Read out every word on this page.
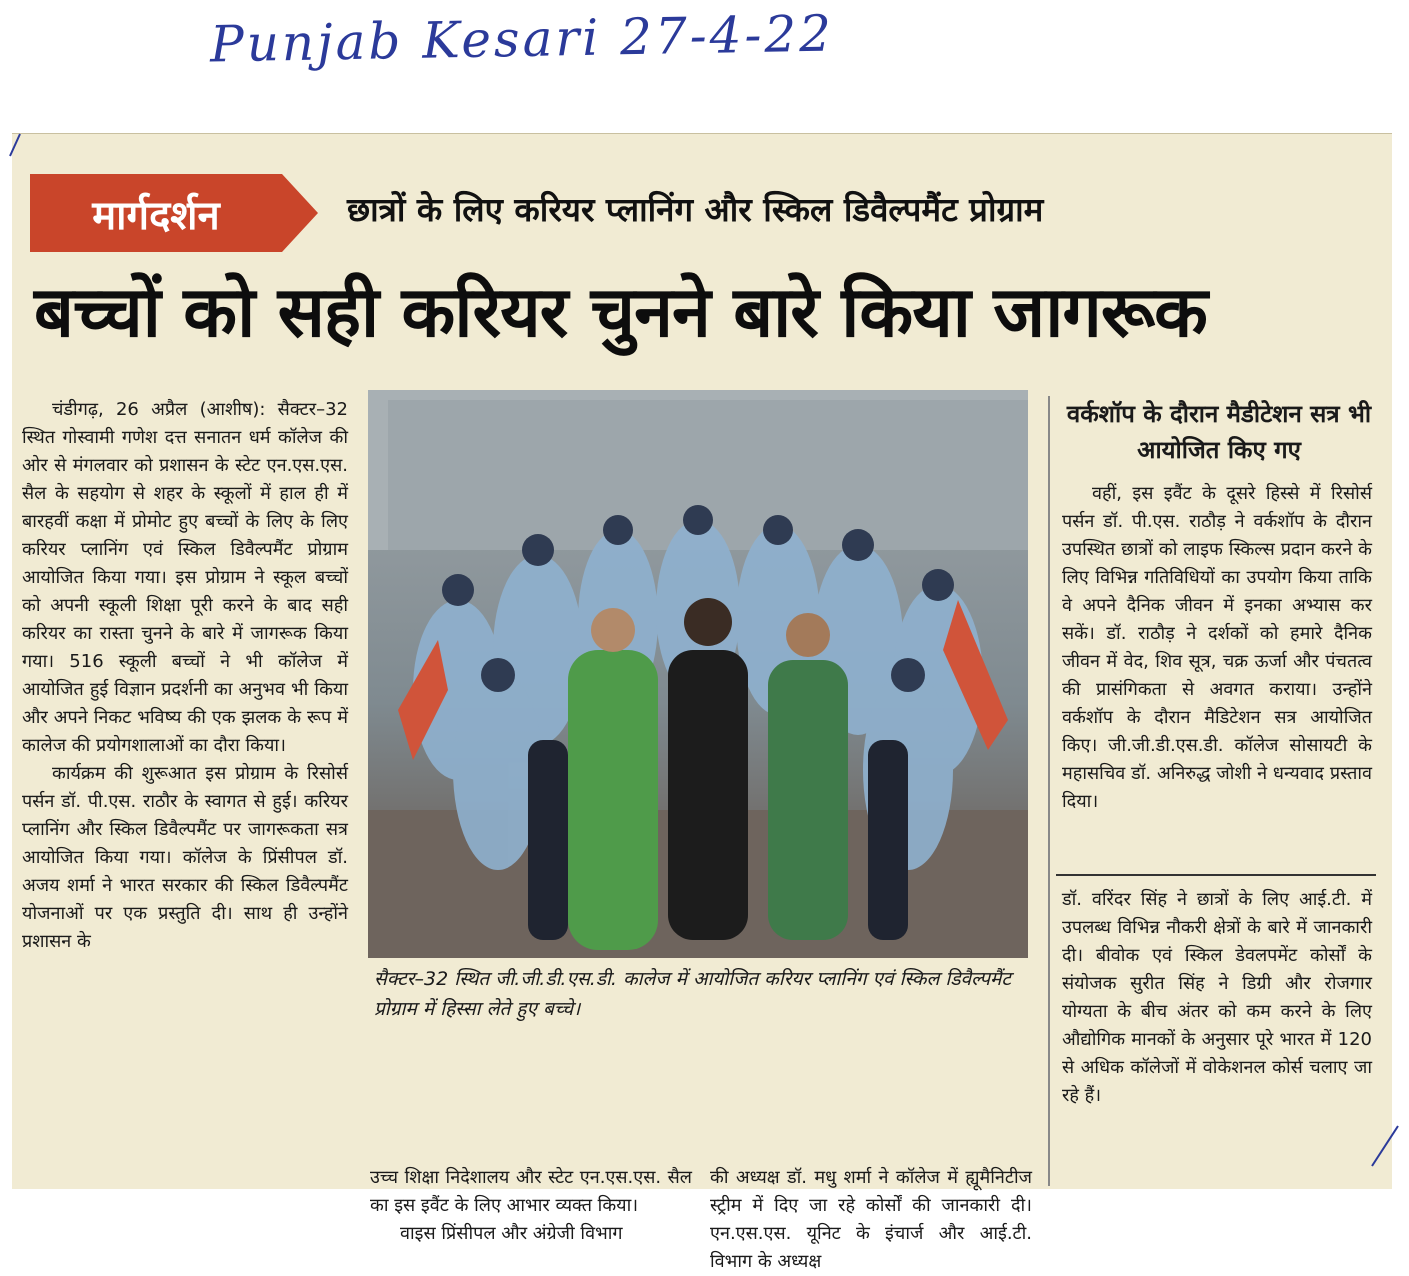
Punjab Kesari 27-4-22
मार्गदर्शन	छात्रों के लिए करियर प्लानिंग और स्किल डिवैल्पमैंट प्रोग्राम
बच्चों को सही करियर चुनने बारे किया जागरूक

चंडीगढ़, 26 अप्रैल (आशीष): सैक्टर–32 स्थित गोस्वामी गणेश दत्त सनातन धर्म कॉलेज की ओर से मंगलवार को प्रशासन के स्टेट एन.एस.एस. सैल के सहयोग से शहर के स्कूलों में हाल ही में बारहवीं कक्षा में प्रोमोट हुए बच्चों के लिए के लिए करियर प्लानिंग एवं स्किल डिवैल्पमैंट प्रोग्राम आयोजित किया गया। इस प्रोग्राम ने स्कूल बच्चों को अपनी स्कूली शिक्षा पूरी करने के बाद सही करियर का रास्ता चुनने के बारे में जागरूक किया गया। 516 स्कूली बच्चों ने भी कॉलेज में आयोजित हुई विज्ञान प्रदर्शनी का अनुभव भी किया और अपने निकट भविष्य की एक झलक के रूप में कालेज की प्रयोगशालाओं का दौरा किया।

कार्यक्रम की शुरूआत इस प्रोग्राम के रिसोर्स पर्सन डॉ. पी.एस. राठौर के स्वागत से हुई। करियर प्लानिंग और स्किल डिवैल्पमैंट पर जागरूकता सत्र आयोजित किया गया। कॉलेज के प्रिंसीपल डॉ. अजय शर्मा ने भारत सरकार की स्किल डिवैल्पमैंट योजनाओं पर एक प्रस्तुति दी। साथ ही उन्होंने प्रशासन के

सैक्टर–32 स्थित जी.जी.डी.एस.डी. कालेज में आयोजित करियर प्लानिंग एवं स्किल डिवैल्पमैंट प्रोग्राम में हिस्सा लेते हुए बच्चे।

उच्च शिक्षा निदेशालय और स्टेट एन.एस.एस. सैल का इस इवैंट के लिए आभार व्यक्त किया।

वाइस प्रिंसीपल और अंग्रेजी विभाग

की अध्यक्ष डॉ. मधु शर्मा ने कॉलेज में ह्यूमैनिटीज स्ट्रीम में दिए जा रहे कोर्सों की जानकारी दी। एन.एस.एस. यूनिट के इंचार्ज और आई.टी. विभाग के अध्यक्ष

वर्कशॉप के दौरान मैडीटेशन सत्र भी आयोजित किए गए

वहीं, इस इवैंट के दूसरे हिस्से में रिसोर्स पर्सन डॉ. पी.एस. राठौड़ ने वर्कशॉप के दौरान उपस्थित छात्रों को लाइफ स्किल्स प्रदान करने के लिए विभिन्न गतिविधियों का उपयोग किया ताकि वे अपने दैनिक जीवन में इनका अभ्यास कर सकें। डॉ. राठौड़ ने दर्शकों को हमारे दैनिक जीवन में वेद, शिव सूत्र, चक्र ऊर्जा और पंचतत्व की प्रासंगिकता से अवगत कराया। उन्होंने वर्कशॉप के दौरान मैडिटेशन सत्र आयोजित किए। जी.जी.डी.एस.डी. कॉलेज सोसायटी के महासचिव डॉ. अनिरुद्ध जोशी ने धन्यवाद प्रस्ताव दिया।

डॉ. वरिंदर सिंह ने छात्रों के लिए आई.टी. में उपलब्ध विभिन्न नौकरी क्षेत्रों के बारे में जानकारी दी। बीवोक एवं स्किल डेवलपमेंट कोर्सों के संयोजक सुरीत सिंह ने डिग्री और रोजगार योग्यता के बीच अंतर को कम करने के लिए औद्योगिक मानकों के अनुसार पूरे भारत में 120 से अधिक कॉलेजों में वोकेशनल कोर्स चलाए जा रहे हैं।
